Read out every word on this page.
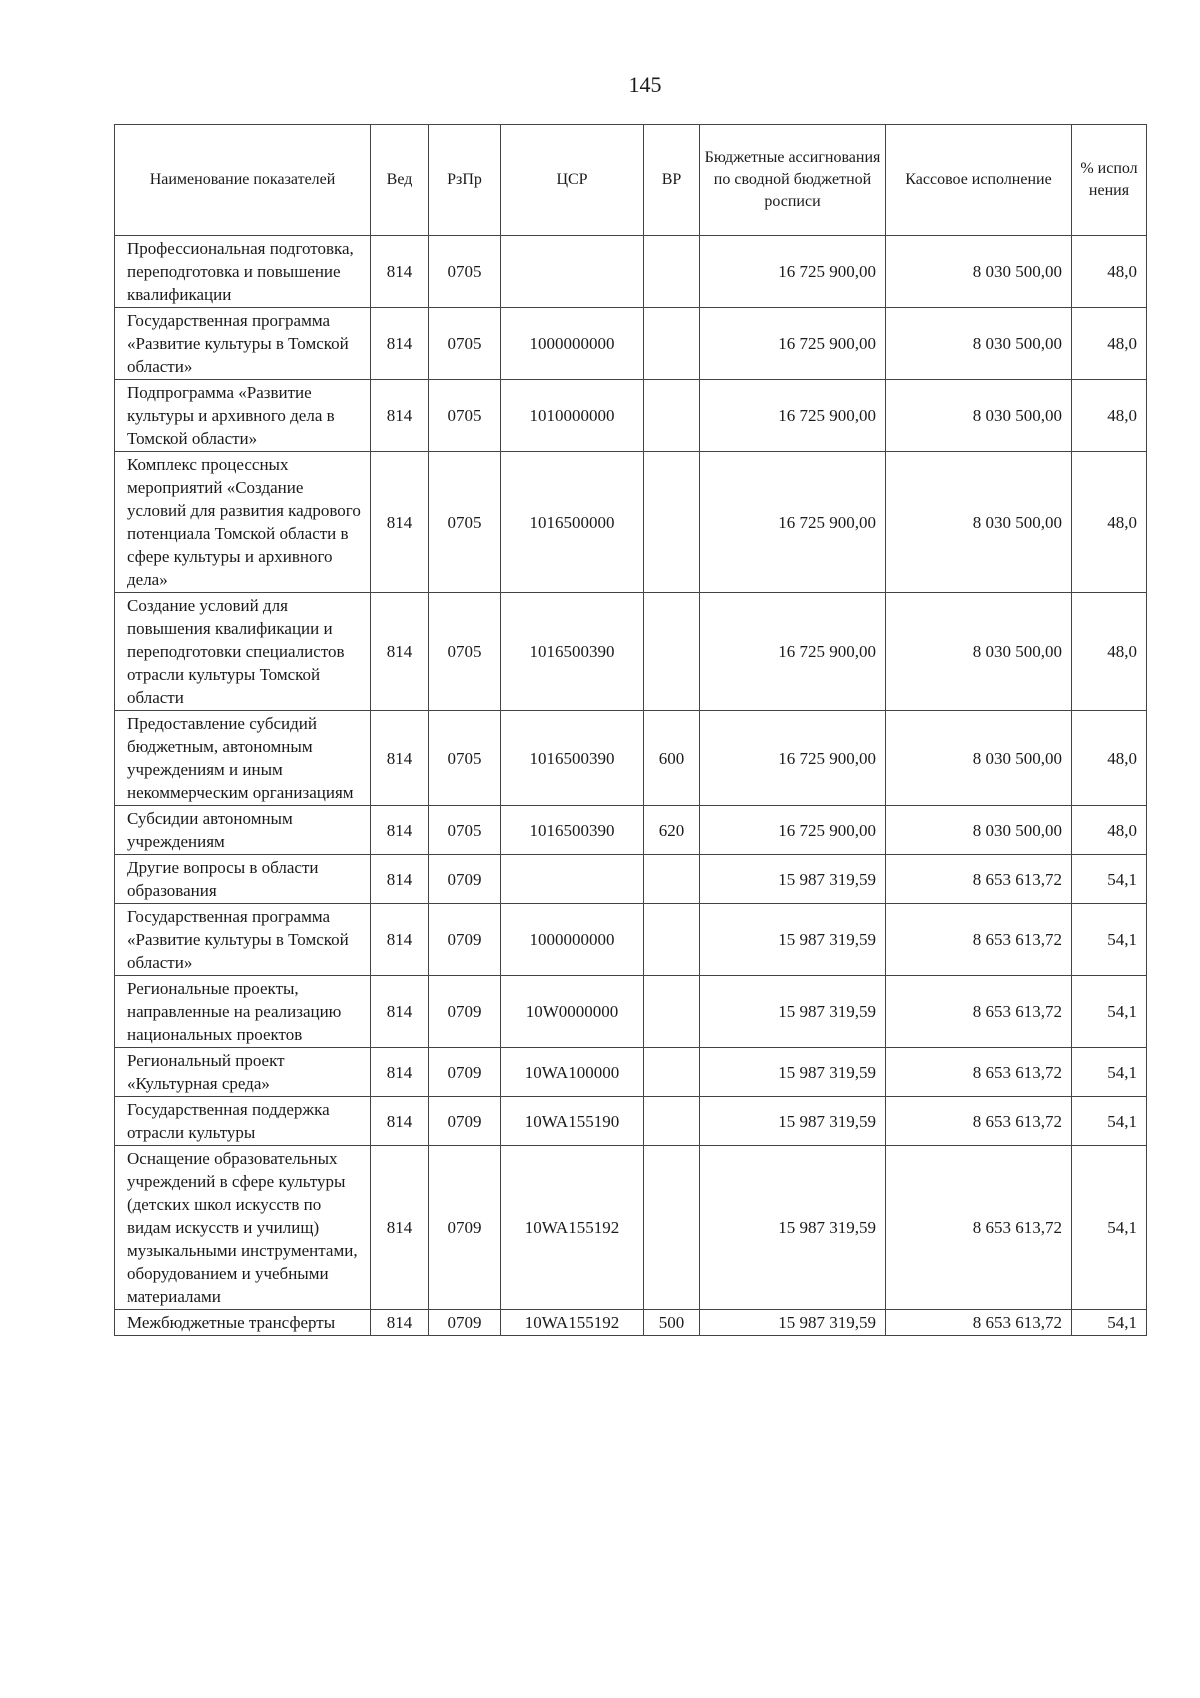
145
Наименование показателей	Вед	РзПр	ЦСР	ВР	Бюджетные ассигнования по сводной бюджетной росписи	Кассовое исполнение	% испол нения
Профессиональная подготовка, переподготовка и повышение квалификации	814	0705			16 725 900,00	8 030 500,00	48,0
Государственная программа «Развитие культуры в Томской области»	814	0705	1000000000		16 725 900,00	8 030 500,00	48,0
Подпрограмма «Развитие культуры и архивного дела в Томской области»	814	0705	1010000000		16 725 900,00	8 030 500,00	48,0
Комплекс процессных мероприятий «Создание условий для развития кадрового потенциала Томской области в сфере культуры и архивного дела»	814	0705	1016500000		16 725 900,00	8 030 500,00	48,0
Создание условий для повышения квалификации и переподготовки специалистов отрасли культуры Томской области	814	0705	1016500390		16 725 900,00	8 030 500,00	48,0
Предоставление субсидий бюджетным, автономным учреждениям и иным некоммерческим организациям	814	0705	1016500390	600	16 725 900,00	8 030 500,00	48,0
Субсидии автономным учреждениям	814	0705	1016500390	620	16 725 900,00	8 030 500,00	48,0
Другие вопросы в области образования	814	0709			15 987 319,59	8 653 613,72	54,1
Государственная программа «Развитие культуры в Томской области»	814	0709	1000000000		15 987 319,59	8 653 613,72	54,1
Региональные проекты, направленные на реализацию национальных проектов	814	0709	10W0000000		15 987 319,59	8 653 613,72	54,1
Региональный проект «Культурная среда»	814	0709	10WA100000		15 987 319,59	8 653 613,72	54,1
Государственная поддержка отрасли культуры	814	0709	10WA155190		15 987 319,59	8 653 613,72	54,1
Оснащение образовательных учреждений в сфере культуры (детских школ искусств по видам искусств и училищ) музыкальными инструментами, оборудованием и учебными материалами	814	0709	10WA155192		15 987 319,59	8 653 613,72	54,1
Межбюджетные трансферты	814	0709	10WA155192	500	15 987 319,59	8 653 613,72	54,1
